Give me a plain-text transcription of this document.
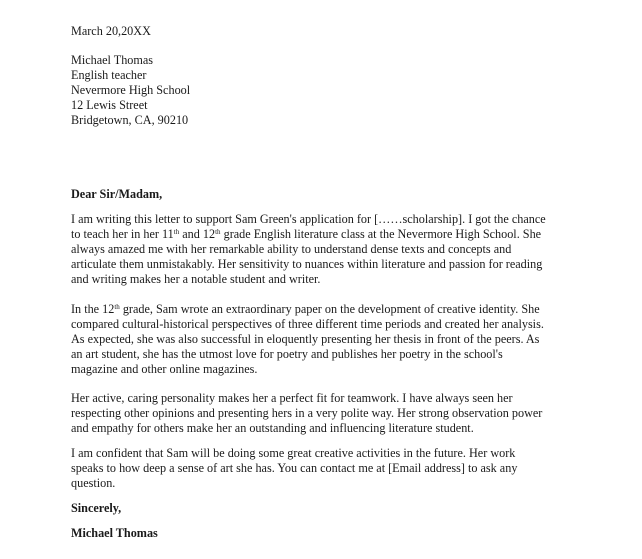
March 20,20XX

Michael Thomas

English teacher

Nevermore High School

12 Lewis Street

Bridgetown, CA, 90210

Dear Sir/Madam,

I am writing this letter to support Sam Green's application for [……scholarship]. I got the chance

to teach her in her 11th and 12th grade English literature class at the Nevermore High School. She

always amazed me with her remarkable ability to understand dense texts and concepts and

articulate them unmistakably. Her sensitivity to nuances within literature and passion for reading

and writing makes her a notable student and writer.

In the 12th grade, Sam wrote an extraordinary paper on the development of creative identity. She

compared cultural-historical perspectives of three different time periods and created her analysis.

As expected, she was also successful in eloquently presenting her thesis in front of the peers. As

an art student, she has the utmost love for poetry and publishes her poetry in the school's

magazine and other online magazines.

Her active, caring personality makes her a perfect fit for teamwork. I have always seen her

respecting other opinions and presenting hers in a very polite way. Her strong observation power

and empathy for others make her an outstanding and influencing literature student.

I am confident that Sam will be doing some great creative activities in the future. Her work

speaks to how deep a sense of art she has. You can contact me at [Email address] to ask any

question.

Sincerely,

Michael Thomas
